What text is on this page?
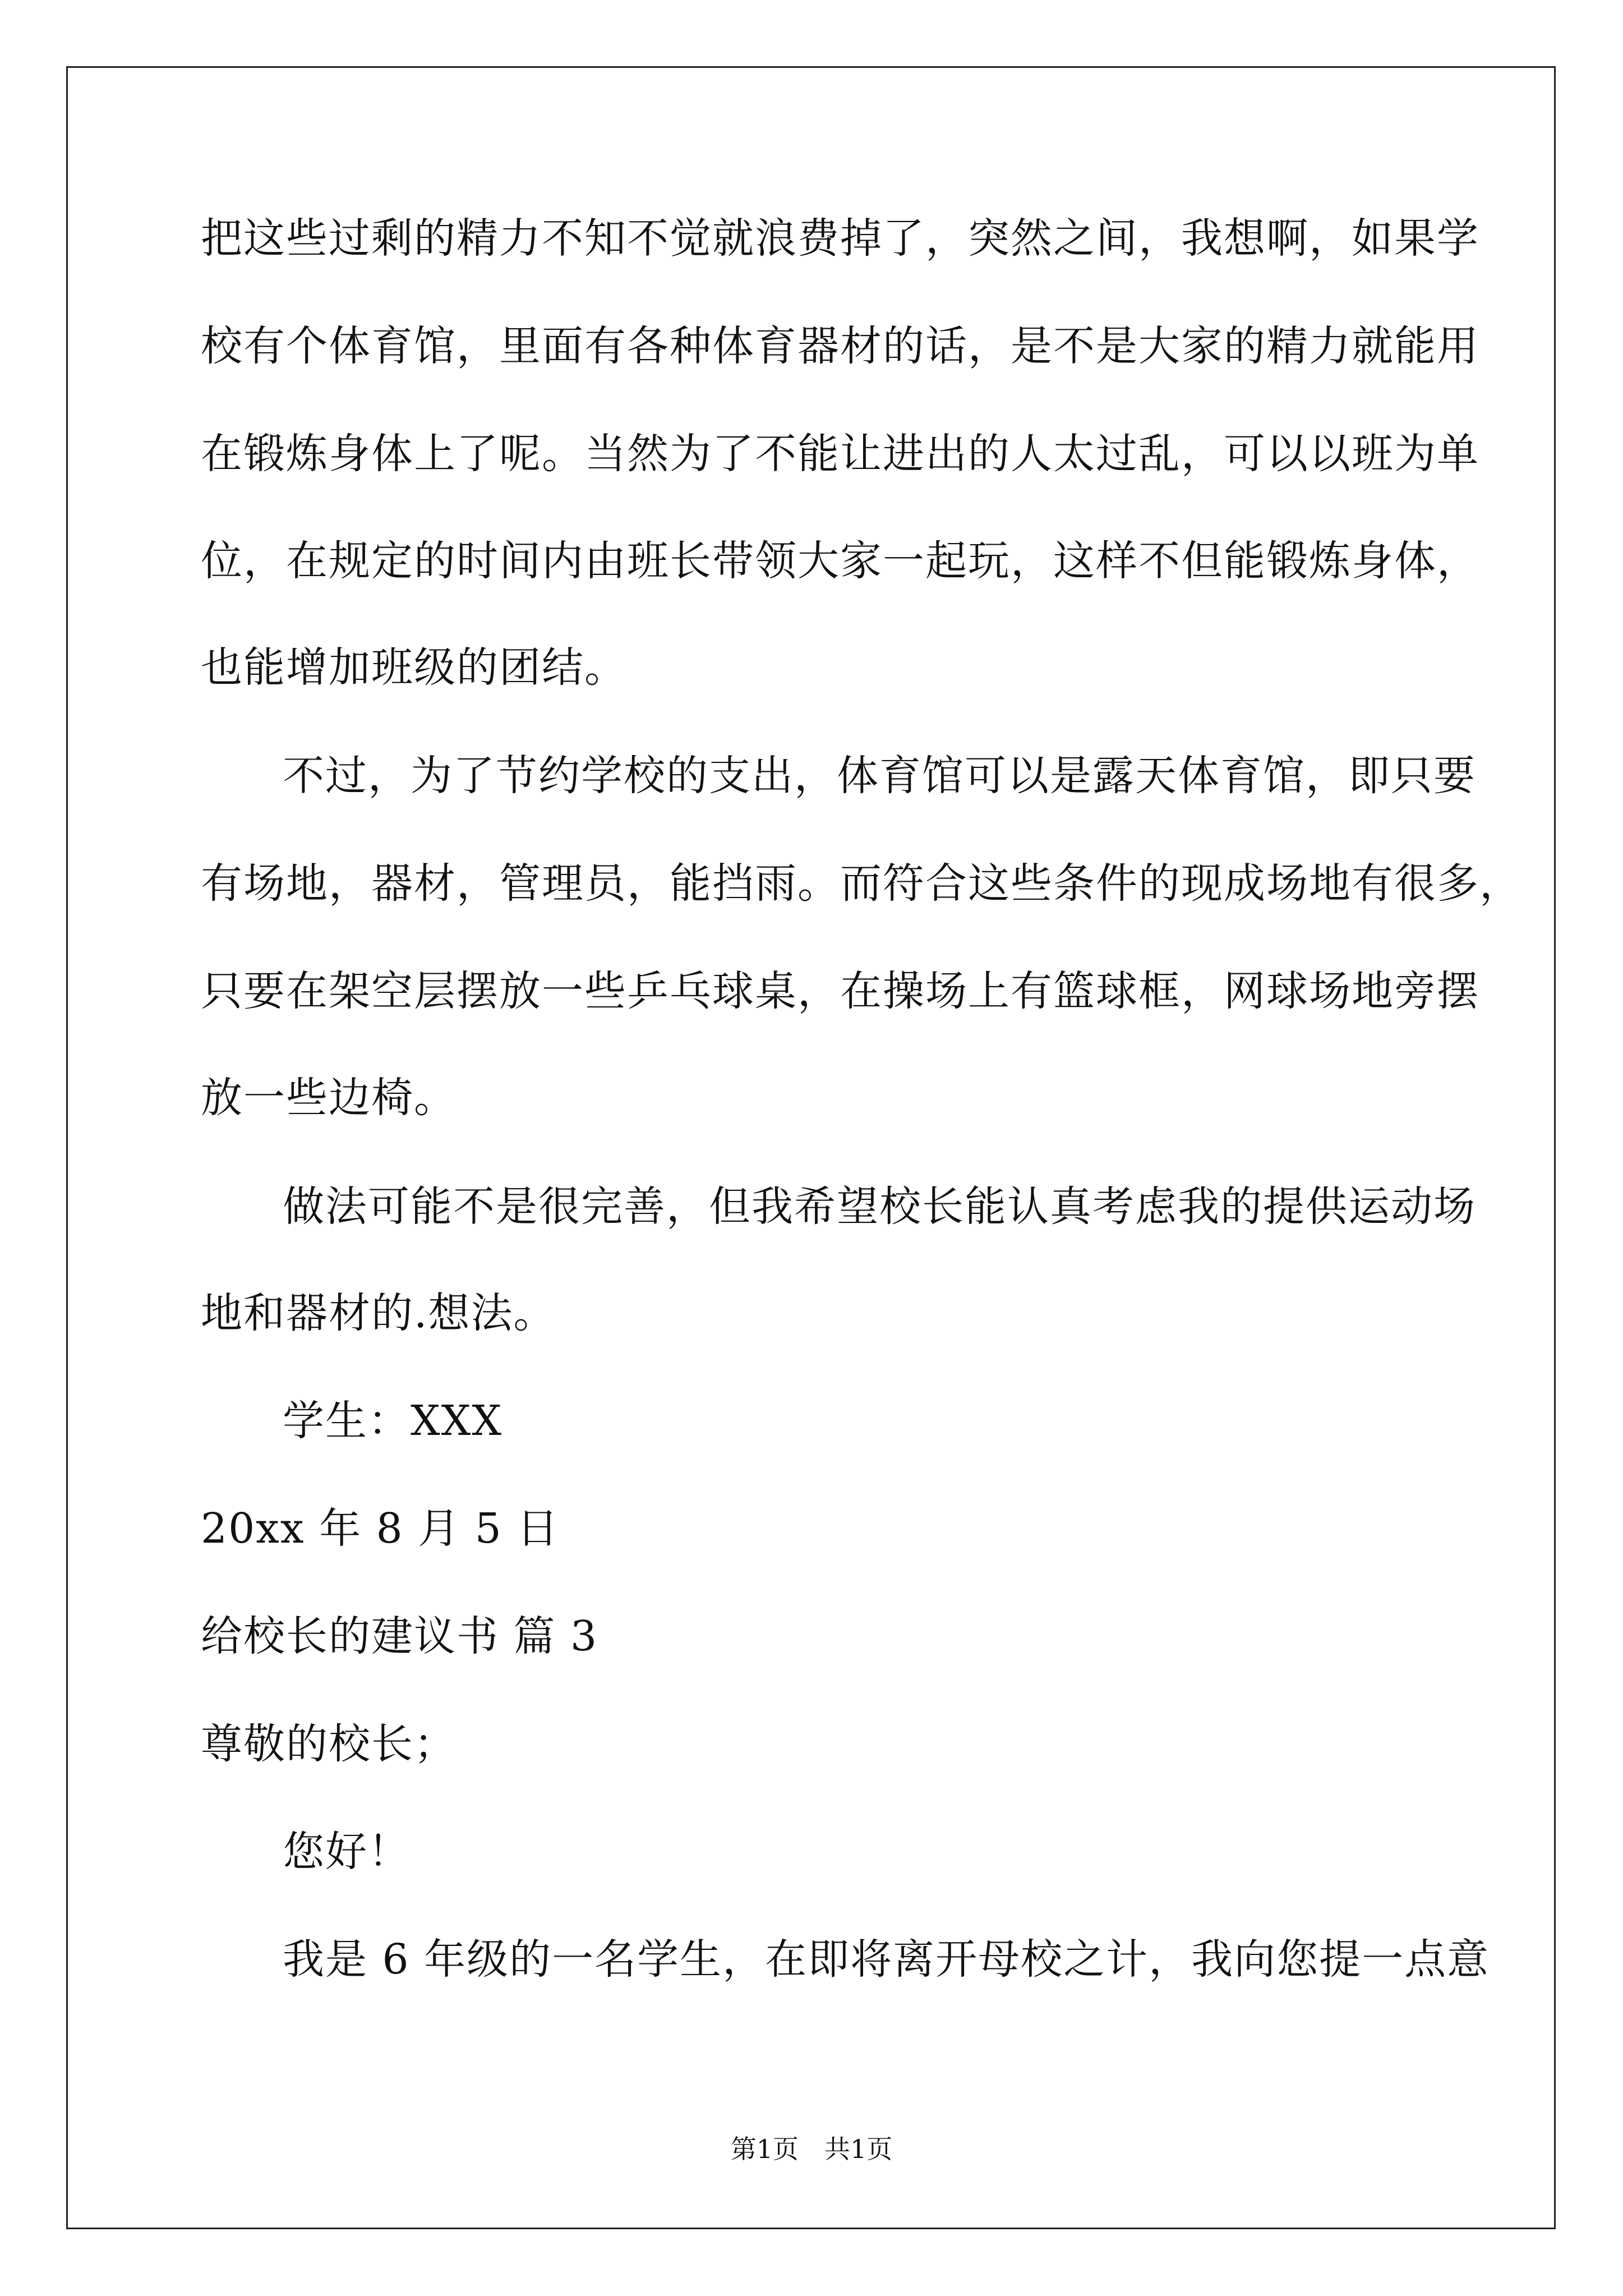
把这些过剩的精力不知不觉就浪费掉了，突然之间，我想啊，如果学
校有个体育馆，里面有各种体育器材的话，是不是大家的精力就能用
在锻炼身体上了呢。当然为了不能让进出的人太过乱，可以以班为单
位，在规定的时间内由班长带领大家一起玩，这样不但能锻炼身体，
也能增加班级的团结。
不过，为了节约学校的支出，体育馆可以是露天体育馆，即只要
有场地，器材，管理员，能挡雨。而符合这些条件的现成场地有很多，
只要在架空层摆放一些乒乓球桌，在操场上有篮球框，网球场地旁摆
放一些边椅。
做法可能不是很完善，但我希望校长能认真考虑我的提供运动场
地和器材的.想法。
学生：XXX
20xx 年 8 月 5 日
给校长的建议书 篇 3
尊敬的校长；
您好！
我是 6 年级的一名学生，在即将离开母校之计，我向您提一点意
第1页 共1页
